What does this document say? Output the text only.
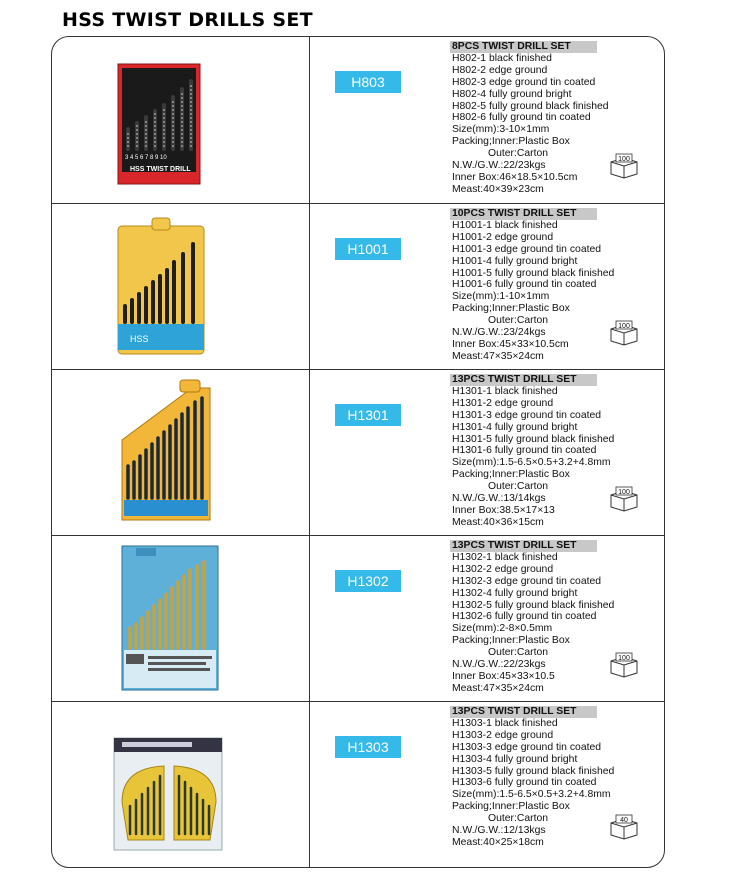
HSS TWIST DRILLS SET
3 4 5 6 7 8 9 10
HSS TWIST DRILL
H803
8PCS TWIST DRILL SET
H802-1 black finished
H802-2 edge ground
H802-3 edge ground tin coated
H802-4 fully ground bright
H802-5 fully ground black finished
H802-6 fully ground tin coated
Size(mm):3-10×1mm
Packing;Inner:Plastic Box
Outer:Carton
N.W./G.W.:22/23kgs
Inner Box:46×18.5×10.5cm
Meast:40×39×23cm
100
HSS
H1001
10PCS TWIST DRILL SET
H1001-1 black finished
H1001-2 edge ground
H1001-3 edge ground tin coated
H1001-4 fully ground bright
H1001-5 fully ground black finished
H1001-6 fully ground tin coated
Size(mm):1-10×1mm
Packing;Inner:Plastic Box
Outer:Carton
N.W./G.W.:23/24kgs
Inner Box:45×33×10.5cm
Meast:47×35×24cm
100
H1301
13PCS TWIST DRILL SET
H1301-1 black finished
H1301-2 edge ground
H1301-3 edge ground tin coated
H1301-4 fully ground bright
H1301-5 fully ground black finished
H1301-6 fully ground tin coated
Size(mm):1.5-6.5×0.5+3.2+4.8mm
Packing;Inner:Plastic Box
Outer:Carton
N.W./G.W.:13/14kgs
Inner Box:38.5×17×13
Meast:40×36×15cm
100
H1302
13PCS TWIST DRILL SET
H1302-1 black finished
H1302-2 edge ground
H1302-3 edge ground tin coated
H1302-4 fully ground bright
H1302-5 fully ground black finished
H1302-6 fully ground tin coated
Size(mm):2-8×0.5mm
Packing;Inner:Plastic Box
Outer:Carton
N.W./G.W.:22/23kgs
Inner Box:45×33×10.5
Meast:47×35×24cm
100
H1303
13PCS TWIST DRILL SET
H1303-1 black finished
H1303-2 edge ground
H1303-3 edge ground tin coated
H1303-4 fully ground bright
H1303-5 fully ground black finished
H1303-6 fully ground tin coated
Size(mm):1.5-6.5×0.5+3.2+4.8mm
Packing;Inner:Plastic Box
Outer:Carton
N.W./G.W.:12/13kgs
Meast:40×25×18cm
40
